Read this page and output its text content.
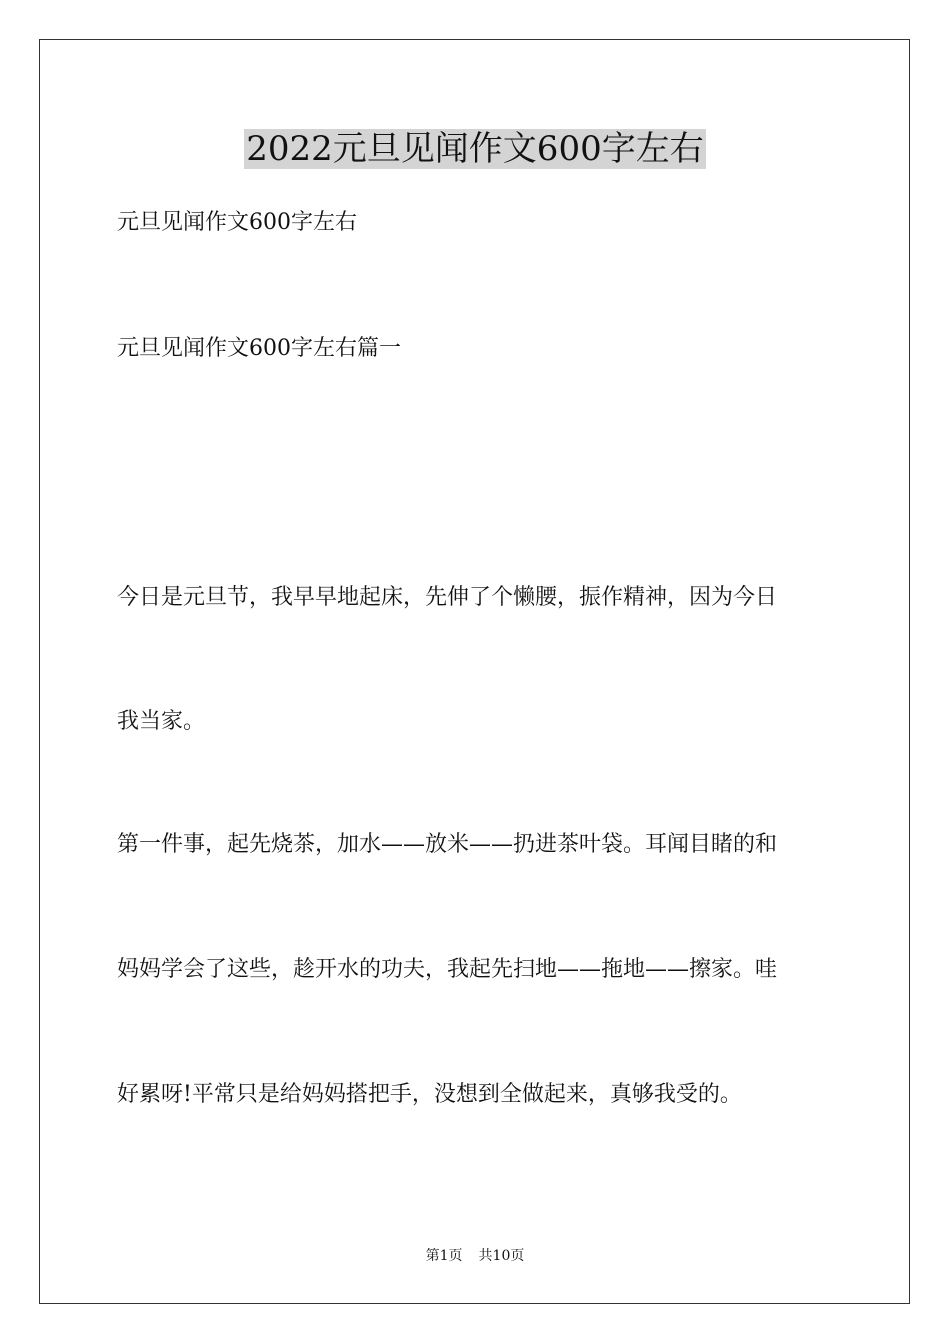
2022元旦见闻作文600字左右

元旦见闻作文600字左右

元旦见闻作文600字左右篇一

今日是元旦节，我早早地起床，先伸了个懒腰，振作精神，因为今日

我当家。

第一件事，起先烧茶，加水——放米——扔进茶叶袋。耳闻目睹的和

妈妈学会了这些，趁开水的功夫，我起先扫地——拖地——擦家。哇

好累呀!平常只是给妈妈搭把手，没想到全做起来，真够我受的。

第1页 共10页
